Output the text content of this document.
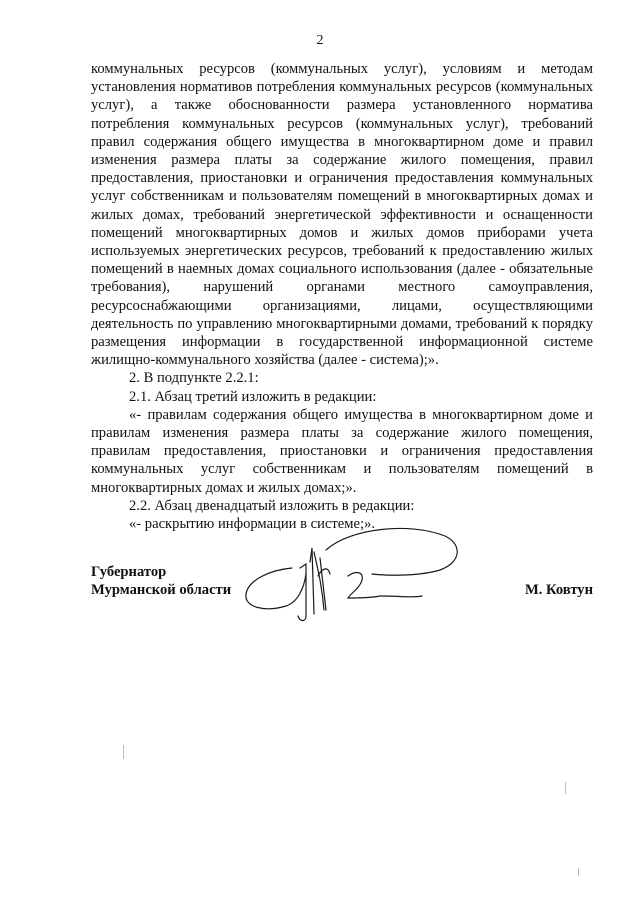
2

коммунальных ресурсов (коммунальных услуг), условиям и методам установления нормативов потребления коммунальных ресурсов (коммунальных услуг), а также обоснованности размера установленного норматива потребления коммунальных ресурсов (коммунальных услуг), требований правил содержания общего имущества в многоквартирном доме и правил изменения размера платы за содержание жилого помещения, правил предоставления, приостановки и ограничения предоставления коммунальных услуг собственникам и пользователям помещений в многоквартирных домах и жилых домах, требований энергетической эффективности и оснащенности помещений многоквартирных домов и жилых домов приборами учета используемых энергетических ресурсов, требований к предоставлению жилых помещений в наемных домах социального использования (далее - обязательные требования), нарушений органами местного самоуправления, ресурсоснабжающими организациями, лицами, осуществляющими деятельность по управлению многоквартирными домами, требований к порядку размещения информации в государственной информационной системе жилищно-коммунального хозяйства (далее - система);».

2. В подпункте 2.2.1:

2.1. Абзац третий изложить в редакции:

«- правилам содержания общего имущества в многоквартирном доме и правилам изменения размера платы за содержание жилого помещения, правилам предоставления, приостановки и ограничения предоставления коммунальных услуг собственникам и пользователям помещений в многоквартирных домах и жилых домах;».

2.2. Абзац двенадцатый изложить в редакции:

«- раскрытию информации в системе;».

Губернатор
Мурманской области	М. Ковтун
